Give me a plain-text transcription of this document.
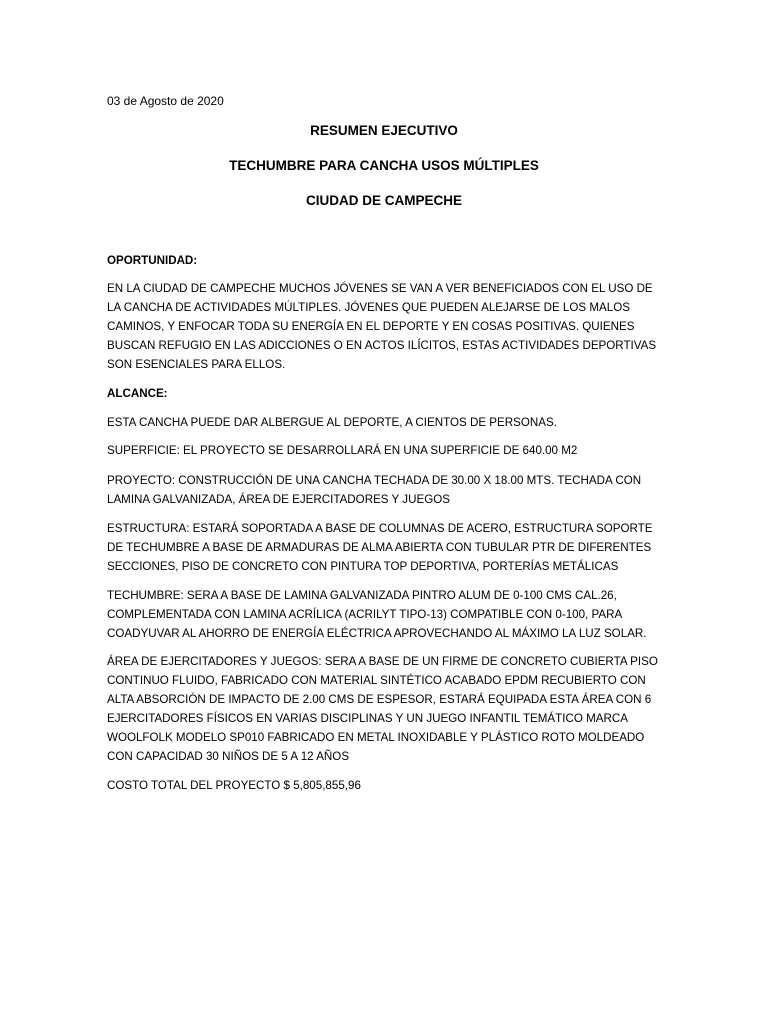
03 de Agosto de 2020
RESUMEN EJECUTIVO
TECHUMBRE PARA CANCHA USOS MÚLTIPLES
CIUDAD DE CAMPECHE
OPORTUNIDAD:
EN LA CIUDAD DE CAMPECHE MUCHOS JÓVENES SE VAN A VER BENEFICIADOS CON EL USO DE LA CANCHA DE ACTIVIDADES MÚLTIPLES. JÓVENES QUE PUEDEN ALEJARSE DE LOS MALOS CAMINOS, Y ENFOCAR TODA SU ENERGÍA EN EL DEPORTE Y EN COSAS POSITIVAS. QUIENES BUSCAN REFUGIO EN LAS ADICCIONES O EN ACTOS ILÍCITOS, ESTAS ACTIVIDADES DEPORTIVAS SON ESENCIALES PARA ELLOS.
ALCANCE:
ESTA CANCHA PUEDE DAR ALBERGUE AL DEPORTE, A CIENTOS DE PERSONAS.
SUPERFICIE: EL PROYECTO SE DESARROLLARÁ EN UNA SUPERFICIE DE 640.00 M2
PROYECTO: CONSTRUCCIÓN DE UNA CANCHA TECHADA DE 30.00 X 18.00 MTS. TECHADA CON LAMINA GALVANIZADA, ÁREA DE EJERCITADORES Y JUEGOS
ESTRUCTURA: ESTARÁ SOPORTADA A BASE DE COLUMNAS DE ACERO, ESTRUCTURA SOPORTE DE TECHUMBRE A BASE DE ARMADURAS DE ALMA ABIERTA CON TUBULAR PTR DE DIFERENTES SECCIONES, PISO DE CONCRETO CON PINTURA TOP DEPORTIVA, PORTERÍAS METÁLICAS
TECHUMBRE: SERA A BASE DE LAMINA GALVANIZADA PINTRO ALUM DE 0-100 CMS CAL.26, COMPLEMENTADA CON LAMINA ACRÍLICA (ACRILYT TIPO-13) COMPATIBLE CON 0-100, PARA COADYUVAR AL AHORRO DE ENERGÍA ELÉCTRICA APROVECHANDO AL MÁXIMO LA LUZ SOLAR.
ÁREA DE EJERCITADORES Y JUEGOS: SERA A BASE DE UN FIRME DE CONCRETO CUBIERTA PISO CONTINUO FLUIDO, FABRICADO CON MATERIAL SINTÉTICO ACABADO EPDM RECUBIERTO CON ALTA ABSORCIÓN DE IMPACTO DE 2.00 CMS DE ESPESOR, ESTARÁ EQUIPADA ESTA ÁREA CON 6 EJERCITADORES FÍSICOS EN VARIAS DISCIPLINAS Y UN JUEGO INFANTIL TEMÁTICO MARCA WOOLFOLK MODELO SP010 FABRICADO EN METAL INOXIDABLE Y PLÁSTICO ROTO MOLDEADO CON CAPACIDAD 30 NIÑOS DE 5 A 12 AÑOS
COSTO TOTAL DEL PROYECTO $ 5,805,855,96
